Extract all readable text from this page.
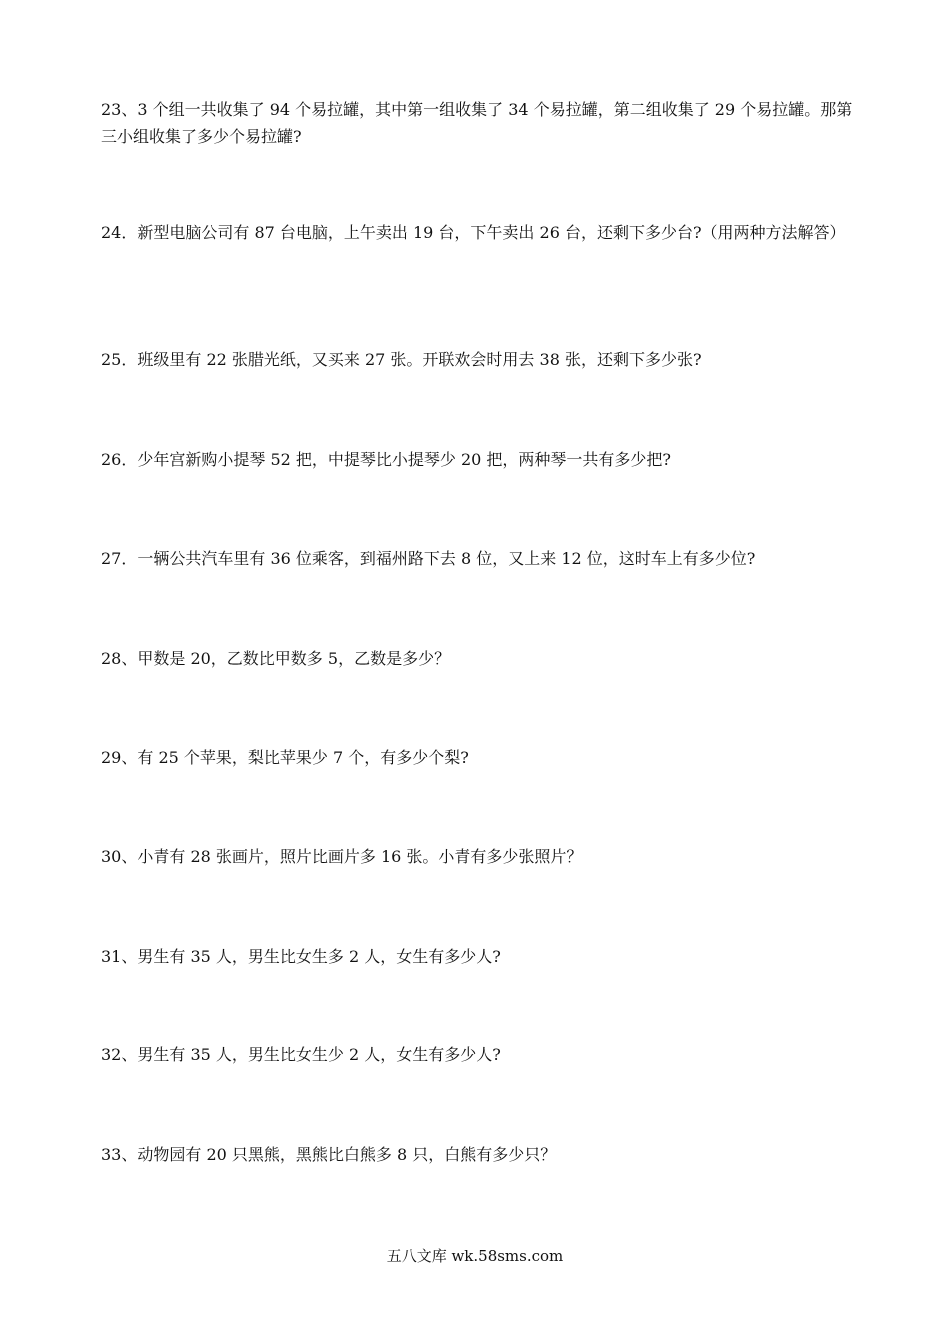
23、3 个组一共收集了 94 个易拉罐，其中第一组收集了 34 个易拉罐，第二组收集了 29 个易拉罐。那第三小组收集了多少个易拉罐?

24．新型电脑公司有 87 台电脑，上午卖出 19 台，下午卖出 26 台，还剩下多少台?（用两种方法解答）

25．班级里有 22 张腊光纸，又买来 27 张。开联欢会时用去 38 张，还剩下多少张?

26．少年宫新购小提琴 52 把，中提琴比小提琴少 20 把，两种琴一共有多少把?

27．一辆公共汽车里有 36 位乘客，到福州路下去 8 位，又上来 12 位，这时车上有多少位?

28、甲数是 20，乙数比甲数多 5，乙数是多少？

29、有 25 个苹果，梨比苹果少 7 个，有多少个梨?

30、小青有 28 张画片，照片比画片多 16 张。小青有多少张照片？

31、男生有 35 人，男生比女生多 2 人，女生有多少人?

32、男生有 35 人，男生比女生少 2 人，女生有多少人?

33、动物园有 20 只黑熊，黑熊比白熊多 8 只，白熊有多少只？

五八文库 wk.58sms.com
